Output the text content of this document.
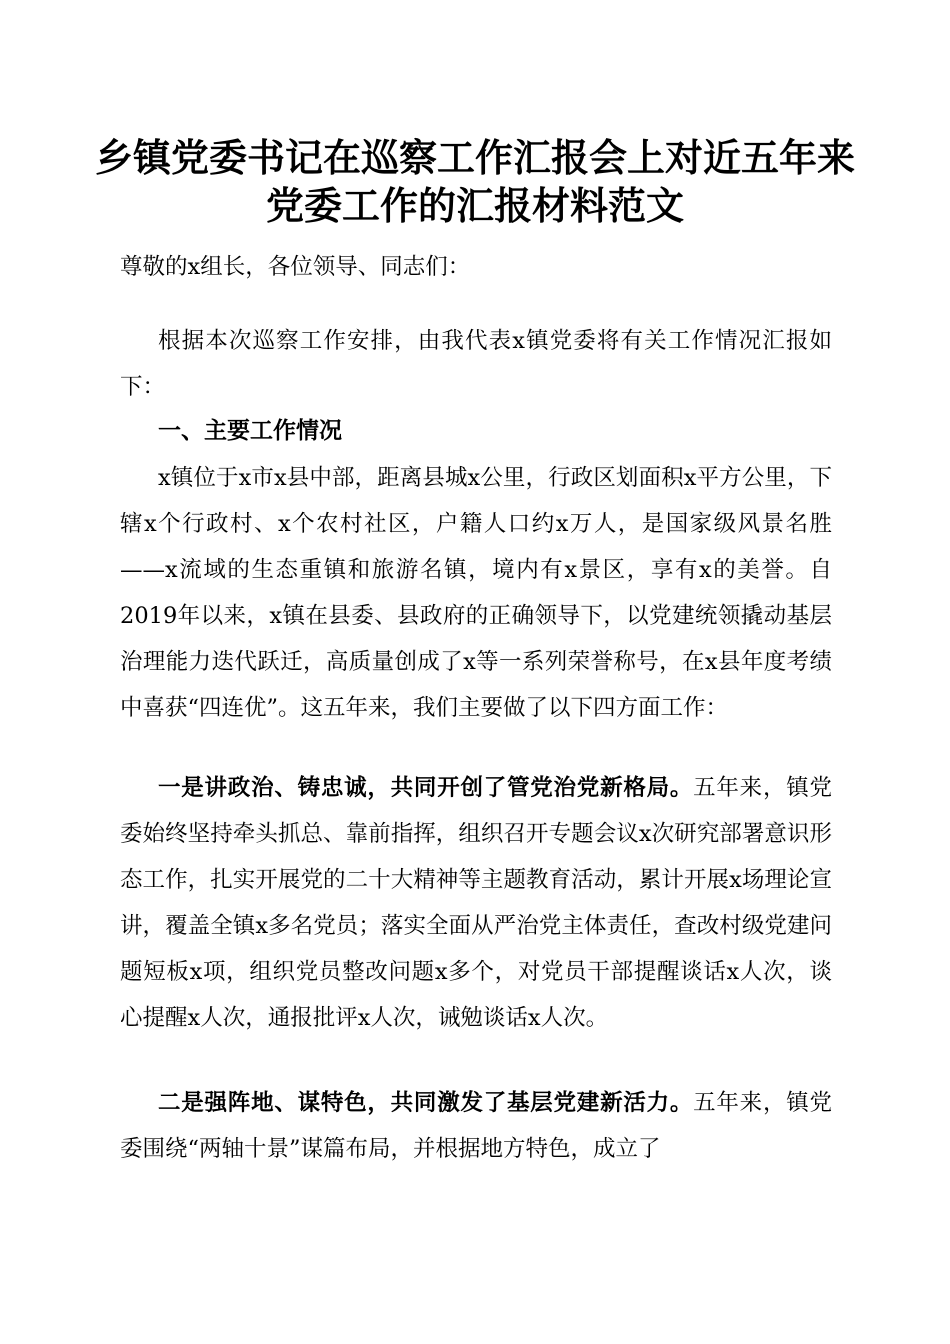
乡镇党委书记在巡察工作汇报会上对近五年来
党委工作的汇报材料范文

尊敬的x组长，各位领导、同志们：

根据本次巡察工作安排，由我代表x镇党委将有关工作情况汇报如下：

一、主要工作情况

x镇位于x市x县中部，距离县城x公里，行政区划面积x平方公里，下辖x个行政村、x个农村社区，户籍人口约x万人，是国家级风景名胜——x流域的生态重镇和旅游名镇，境内有x景区，享有x的美誉。自2019年以来，x镇在县委、县政府的正确领导下，以党建统领撬动基层治理能力迭代跃迁，高质量创成了x等一系列荣誉称号，在x县年度考绩中喜获“四连优”。这五年来，我们主要做了以下四方面工作：

一是讲政治、铸忠诚，共同开创了管党治党新格局。五年来，镇党委始终坚持牵头抓总、靠前指挥，组织召开专题会议x次研究部署意识形态工作，扎实开展党的二十大精神等主题教育活动，累计开展x场理论宣讲，覆盖全镇x多名党员；落实全面从严治党主体责任，查改村级党建问题短板x项，组织党员整改问题x多个，对党员干部提醒谈话x人次，谈心提醒x人次，通报批评x人次，诫勉谈话x人次。

二是强阵地、谋特色，共同激发了基层党建新活力。五年来，镇党委围绕“两轴十景”谋篇布局，并根据地方特色，成立了
